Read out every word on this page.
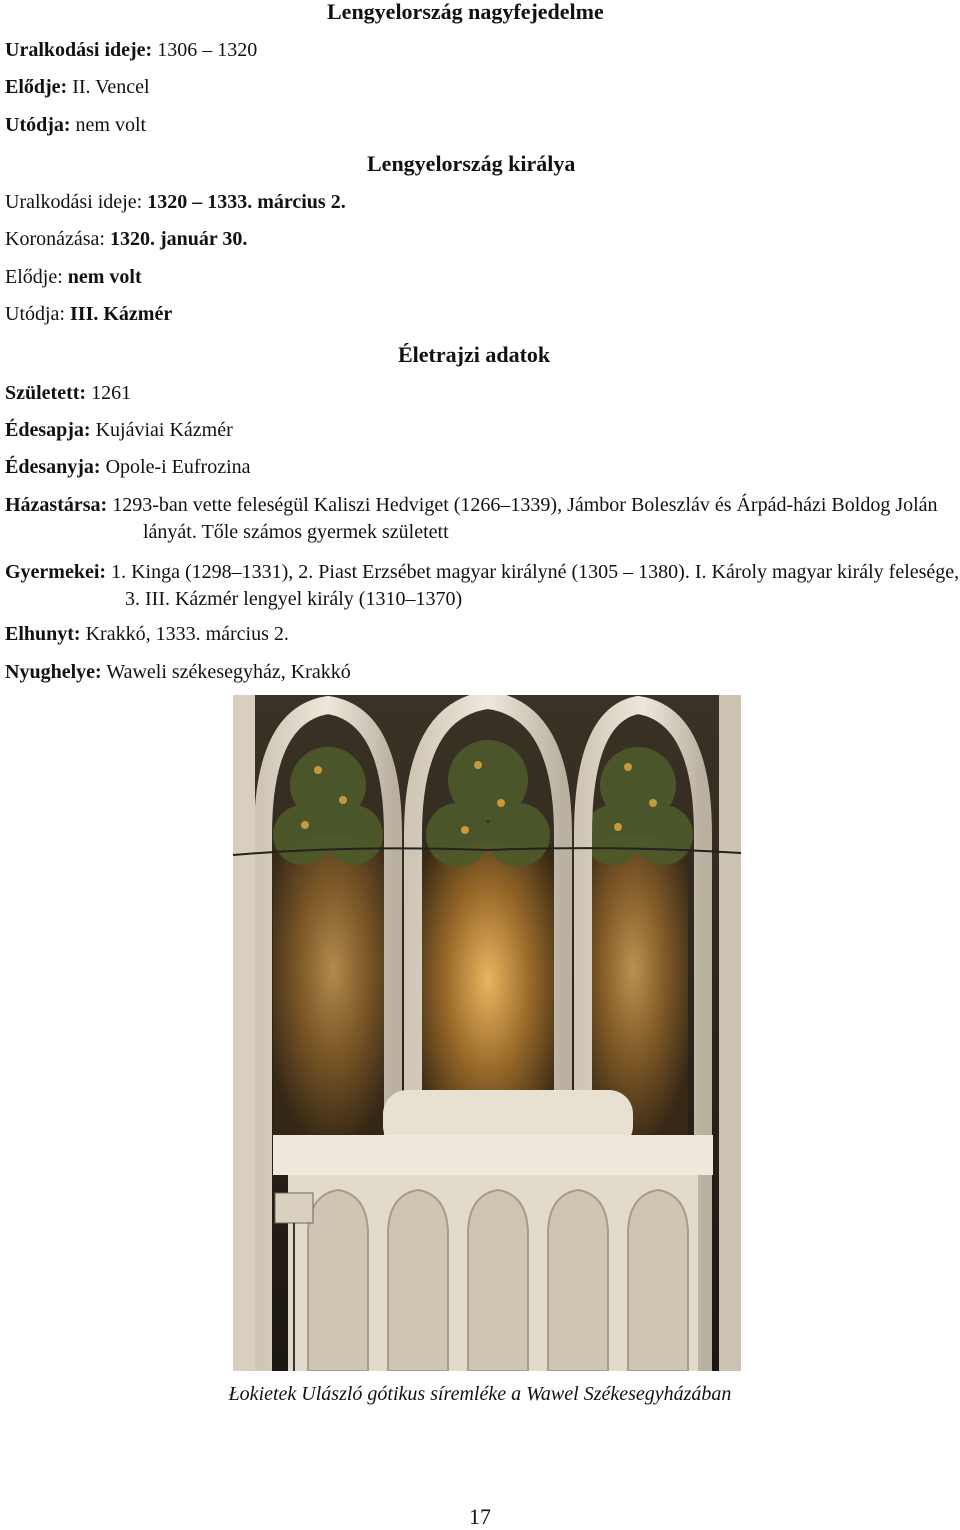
Lengyelország nagyfejedelme
Uralkodási ideje: 1306 – 1320
Elődje: II. Vencel
Utódja: nem volt
Lengyelország királya
Uralkodási ideje: 1320 – 1333. március 2.
Koronázása: 1320. január 30.
Elődje: nem volt
Utódja: III. Kázmér
Életrajzi adatok
Született: 1261
Édesapja: Kujáviai Kázmér
Édesanyja: Opole-i Eufrozina
Házastársa: 1293-ban vette feleségül Kaliszi Hedviget (1266–1339), Jámbor Boleszláv és Árpád-házi Boldog Jolán lányát. Tőle számos gyermek született
Gyermekei: 1. Kinga (1298–1331), 2. Piast Erzsébet magyar királyné (1305 – 1380). I. Károly magyar király felesége, 3. III. Kázmér lengyel király (1310–1370)
Elhunyt: Krakkó, 1333. március 2.
Nyughelye: Waweli székesegyház, Krakkó
Łokietek Ulászló gótikus síremléke a Wawel Székesegyházában
17
